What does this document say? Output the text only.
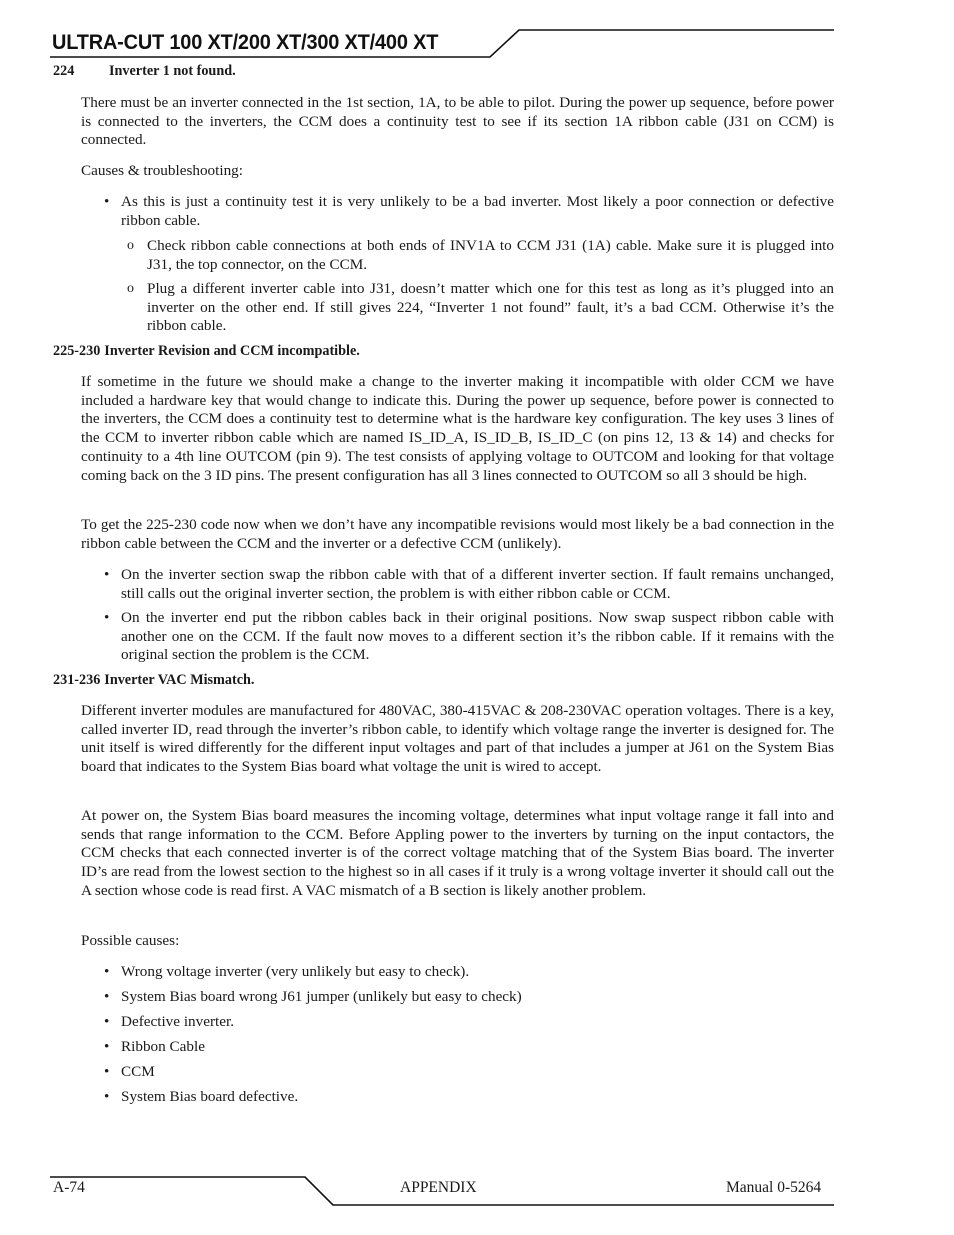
ULTRA-CUT 100 XT/200 XT/300 XT/400 XT

224 Inverter 1 not found.

There must be an inverter connected in the 1st section, 1A, to be able to pilot. During the power up sequence, before power is connected to the inverters, the CCM does a continuity test to see if its section 1A ribbon cable (J31 on CCM) is connected.

Causes & troubleshooting:

• As this is just a continuity test it is very unlikely to be a bad inverter. Most likely a poor connection or defective ribbon cable.
o Check ribbon cable connections at both ends of INV1A to CCM J31 (1A) cable. Make sure it is plugged into J31, the top connector, on the CCM.
o Plug a different inverter cable into J31, doesn’t matter which one for this test as long as it’s plugged into an inverter on the other end. If still gives 224, “Inverter 1 not found” fault, it’s a bad CCM. Otherwise it’s the ribbon cable.

225-230 Inverter Revision and CCM incompatible.

If sometime in the future we should make a change to the inverter making it incompatible with older CCM we have included a hardware key that would change to indicate this. During the power up sequence, before power is connected to the inverters, the CCM does a continuity test to determine what is the hardware key configuration. The key uses 3 lines of the CCM to inverter ribbon cable which are named IS_ID_A, IS_ID_B, IS_ID_C (on pins 12, 13 & 14) and checks for continuity to a 4th line OUTCOM (pin 9). The test consists of applying voltage to OUTCOM and looking for that voltage coming back on the 3 ID pins. The present configuration has all 3 lines connected to OUTCOM so all 3 should be high.

To get the 225-230 code now when we don’t have any incompatible revisions would most likely be a bad connection in the ribbon cable between the CCM and the inverter or a defective CCM (unlikely).

• On the inverter section swap the ribbon cable with that of a different inverter section. If fault remains unchanged, still calls out the original inverter section, the problem is with either ribbon cable or CCM.
• On the inverter end put the ribbon cables back in their original positions. Now swap suspect ribbon cable with another one on the CCM. If the fault now moves to a different section it’s the ribbon cable. If it remains with the original section the problem is the CCM.

231-236 Inverter VAC Mismatch.

Different inverter modules are manufactured for 480VAC, 380-415VAC & 208-230VAC operation voltages. There is a key, called inverter ID, read through the inverter’s ribbon cable, to identify which voltage range the inverter is designed for. The unit itself is wired differently for the different input voltages and part of that includes a jumper at J61 on the System Bias board that indicates to the System Bias board what voltage the unit is wired to accept.

At power on, the System Bias board measures the incoming voltage, determines what input voltage range it fall into and sends that range information to the CCM. Before Appling power to the inverters by turning on the input contactors, the CCM checks that each connected inverter is of the correct voltage matching that of the System Bias board. The inverter ID’s are read from the lowest section to the highest so in all cases if it truly is a wrong voltage inverter it should call out the A section whose code is read first. A VAC mismatch of a B section is likely another problem.

Possible causes:

• Wrong voltage inverter (very unlikely but easy to check).
• System Bias board wrong J61 jumper (unlikely but easy to check)
• Defective inverter.
• Ribbon Cable
• CCM
• System Bias board defective.

A-74	APPENDIX	Manual 0-5264
